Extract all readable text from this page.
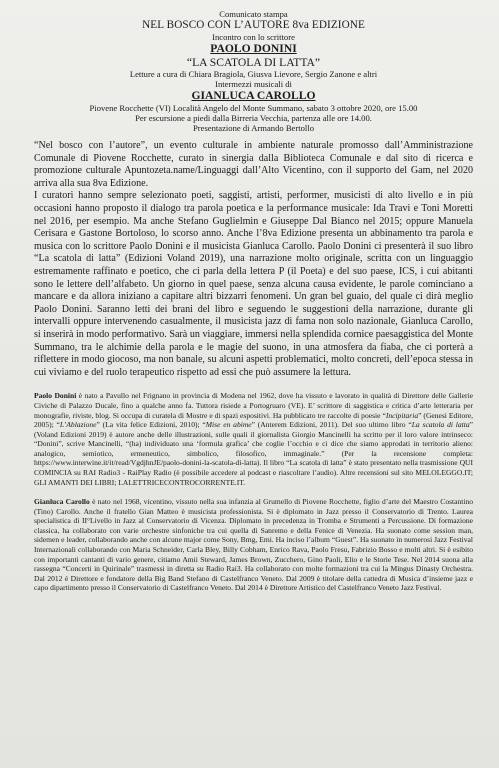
Comunicato stampa
NEL BOSCO CON L’AUTORE 8va EDIZIONE
Incontro con lo scrittore
PAOLO DONINI
“LA SCATOLA DI LATTA”
Letture a cura di Chiara Bragiola, Giusva Lievore, Sergio Zanone e altri
Intermezzi musicali di
GIANLUCA CAROLLO
Piovene Rocchette (VI) Località Angelo del Monte Summano, sabato 3 ottobre 2020, ore 15.00
Per escursione a piedi dalla Birreria Vecchia, partenza alle ore 14.00.
Presentazione di Armando Bertollo

“Nel bosco con l’autore”, un evento culturale in ambiente naturale promosso dall’Amministrazione Comunale di Piovene Rocchette, curato in sinergia dalla Biblioteca Comunale e dal sito di ricerca e promozione culturale Apuntozeta.name/Linguaggi dall’Alto Vicentino, con il supporto del Gam, nel 2020 arriva alla sua 8va Edizione.

I curatori hanno sempre selezionato poeti, saggisti, artisti, performer, musicisti di alto livello e in più occasioni hanno proposto il dialogo tra parola poetica e la performance musicale: Ida Travi e Toni Moretti nel 2016, per esempio. Ma anche Stefano Guglielmin e Giuseppe Dal Bianco nel 2015; oppure Manuela Cerisara e Gastone Bortoloso, lo scorso anno. Anche l’8va Edizione presenta un abbinamento tra parola e musica con lo scrittore Paolo Donini e il musicista Gianluca Carollo. Paolo Donini ci presenterà il suo libro “La scatola di latta” (Edizioni Voland 2019), una narrazione molto originale, scritta con un linguaggio estremamente raffinato e poetico, che ci parla della lettera P (il Poeta) e del suo paese, ICS, i cui abitanti sono le lettere dell’alfabeto. Un giorno in quel paese, senza alcuna causa evidente, le parole cominciano a mancare e da allora iniziano a capitare altri bizzarri fenomeni. Un gran bel guaio, del quale ci dirà meglio Paolo Donini. Saranno letti dei brani del libro e seguendo le suggestioni della narrazione, durante gli intervalli oppure intervenendo casualmente, il musicista jazz di fama non solo nazionale, Gianluca Carollo, si inserirà in modo performativo. Sarà un viaggiare, immersi nella splendida cornice paesaggistica del Monte Summano, tra le alchimie della parola e le magie del suono, in una atmosfera da fiaba, che ci porterà a riflettere in modo giocoso, ma non banale, su alcuni aspetti problematici, molto concreti, dell’epoca stessa in cui viviamo e del ruolo terapeutico rispetto ad essi che può assumere la lettura.

Paolo Donini è nato a Pavullo nel Frignano in provincia di Modena nel 1962, dove ha vissuto e lavorato in qualità di Direttore delle Gallerie Civiche di Palazzo Ducale, fino a qualche anno fa. Tuttora risiede a Portogruaro (VE). E’ scrittore di saggistica e critica d’arte letteraria per monografie, riviste, blog. Si occupa di curatela di Mostre e di spazi espositivi. Ha pubblicato tre raccolte di poesie “Incipitaria” (Genesi Editore, 2005); “L’Ablazione” (La vita felice Edizioni, 2010); “Mise en abime” (Anterem Edizioni, 2011). Del suo ultimo libro “La scatola di latta” (Voland Edizioni 2019) è autore anche delle illustrazioni, sulle quali il giornalista Giorgio Mancinelli ha scritto per il loro valore intrinseco: “Donini”, scrive Mancinelli, “(ha) individuato una ‘formula grafica’ che coglie l’occhio e ci dice che siamo approdati in territorio alieno: analogico, semiotico, ermeneutico, simbolico, filosofico, immaginale.” (Per la recensione completa: https://www.interwine.it/it/read/VgdjhnJE/paolo-donini-la-scatola-di-latta). Il libro “La scatola di latta” è stato presentato nella trasmissione QUI COMINCIA su RAI Radio3 - RaiPlay Radio (è possibile accedere al podcast e riascoltare l’audio). Altre recensioni sul sito MELOLEGGO.IT; GLI AMANTI DEI LIBRI; LALETTRICECONTROCORRENTE.IT.

Gianluca Carollo è nato nel 1968, vicentino, vissuto nella sua infanzia al Grumello di Piovene Rocchette, figlio d’arte del Maestro Costantino (Tino) Carollo. Anche il fratello Gian Matteo è musicista professionista. Si è diplomato in Jazz presso il Conservatorio di Trento. Laurea specialistica di II°Livello in Jazz al Conservatorio di Vicenza. Diplomato in precedenza in Tromba e Strumenti a Percussione. Di formazione classica, ha collaborato con varie orchestre sinfoniche tra cui quella di Sanremo e della Fenice di Venezia. Ha suonato come session man, sidemen e leader, collaborando anche con alcune major come Sony, Bmg, Emi. Ha inciso l’album “Guest”. Ha suonato in numerosi Jazz Festival Internazionali collaborando con Maria Schneider, Carla Bley, Billy Cobham, Enrico Rava, Paolo Fresu, Fabrizio Bosso e molti altri. Si è esibito con importanti cantanti di vario genere, citiamo Amii Steward, James Brown, Zucchero, Gino Paoli, Elio e le Storie Tese. Nel 2014 suona alla rassegna “Concerti in Quirinale” trasmessi in diretta su Radio Rai3. Ha collaborato con molte formazioni tra cui la Mingus Dinasty Orchestra. Dal 2012 è Direttore e fondatore della Big Band Stefano di Castelfranco Veneto. Dal 2009 è titolare della cattedra di Musica d’insieme jazz e capo dipartimento presso il Conservatorio di Castelfranco Veneto. Dal 2014 è Direttore Artistico del Castelfranco Veneto Jazz Festival.
